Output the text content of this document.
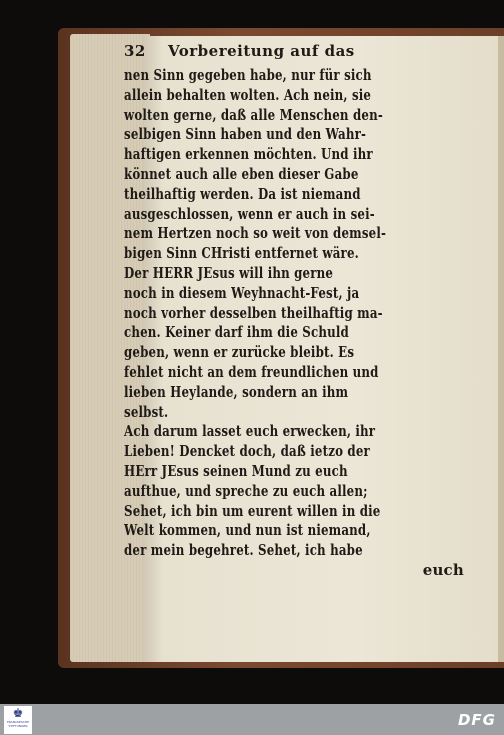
32	Vorbereitung auf das
nen Sinn gegeben habe, nur für sich
allein behalten wolten. Ach nein, sie
wolten gerne, daß alle Menschen den-
selbigen Sinn haben und den Wahr-
haftigen erkennen möchten. Und ihr
könnet auch alle eben dieser Gabe
theilhaftig werden. Da ist niemand
ausgeschlossen, wenn er auch in sei-
nem Hertzen noch so weit von demsel-
bigen Sinn CHristi entfernet wäre.
Der HERR JEsus will ihn gerne
noch in diesem Weyhnacht-Fest, ja
noch vorher desselben theilhaftig ma-
chen. Keiner darf ihm die Schuld
geben, wenn er zurücke bleibt. Es
fehlet nicht an dem freundlichen und
lieben Heylande, sondern an ihm
selbst.
Ach darum lasset euch erwecken, ihr
Lieben! Dencket doch, daß ietzo der
HErr JEsus seinen Mund zu euch
aufthue, und spreche zu euch allen;
Sehet, ich bin um eurent willen in die
Welt kommen, und nun ist niemand,
der mein begehret. Sehet, ich habe
euch
♚
FRANCKESCHE STIFTUNGEN	DFG
